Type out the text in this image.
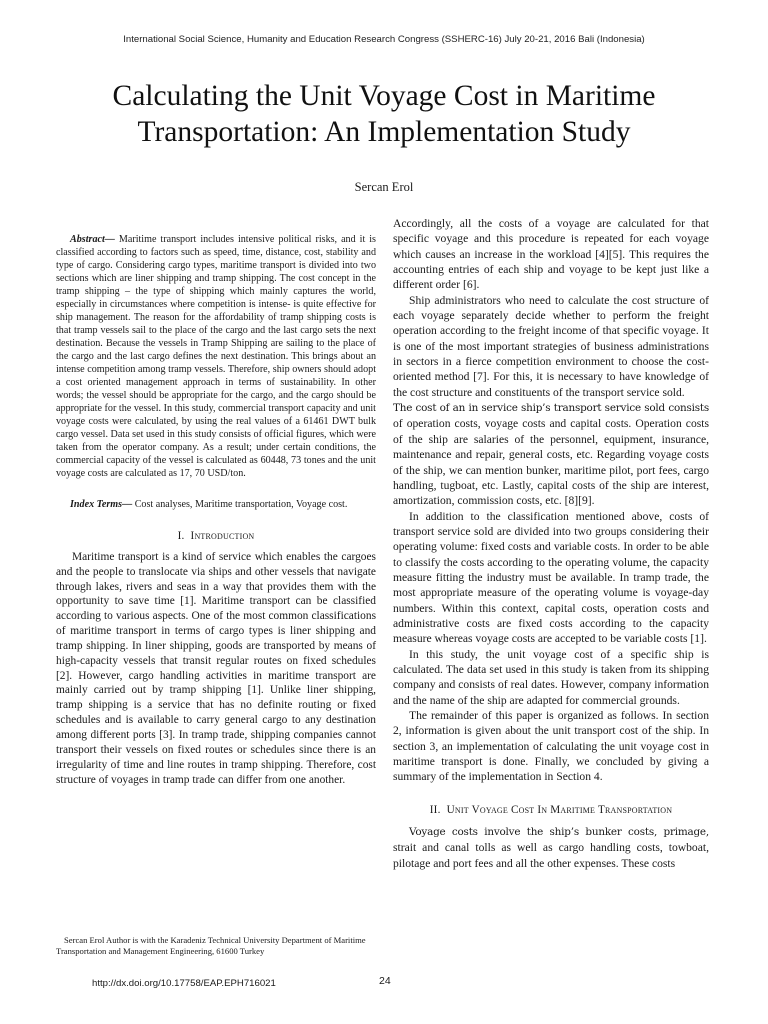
International Social Science, Humanity and Education Research Congress (SSHERC-16) July 20-21, 2016 Bali (Indonesia)
Calculating the Unit Voyage Cost in Maritime Transportation: An Implementation Study
Sercan Erol

Abstract— Maritime transport includes intensive political risks, and it is classified according to factors such as speed, time, distance, cost, stability and type of cargo. Considering cargo types, maritime transport is divided into two sections which are liner shipping and tramp shipping. The cost concept in the tramp shipping – the type of shipping which mainly captures the world, especially in circumstances where competition is intense- is quite effective for ship management. The reason for the affordability of tramp shipping costs is that tramp vessels sail to the place of the cargo and the last cargo sets the next destination. Because the vessels in Tramp Shipping are sailing to the place of the cargo and the last cargo defines the next destination. This brings about an intense competition among tramp vessels. Therefore, ship owners should adopt a cost oriented management approach in terms of sustainability. In other words; the vessel should be appropriate for the cargo, and the cargo should be appropriate for the vessel. In this study, commercial transport capacity and unit voyage costs were calculated, by using the real values of a 61461 DWT bulk cargo vessel. Data set used in this study consists of official figures, which were taken from the operator company. As a result; under certain conditions, the commercial capacity of the vessel is calculated as 60448, 73 tones and the unit voyage costs are calculated as 17, 70 USD/ton.

Index Terms— Cost analyses, Maritime transportation, Voyage cost.

I. Introduction

Maritime transport is a kind of service which enables the cargoes and the people to translocate via ships and other vessels that navigate through lakes, rivers and seas in a way that provides them with the opportunity to save time [1]. Maritime transport can be classified according to various aspects. One of the most common classifications of maritime transport in terms of cargo types is liner shipping and tramp shipping. In liner shipping, goods are transported by means of high-capacity vessels that transit regular routes on fixed schedules [2]. However, cargo handling activities in maritime transport are mainly carried out by tramp shipping [1]. Unlike liner shipping, tramp shipping is a service that has no definite routing or fixed schedules and is available to carry general cargo to any destination among different ports [3]. In tramp trade, shipping companies cannot transport their vessels on fixed routes or schedules since there is an irregularity of time and line routes in tramp shipping. Therefore, cost structure of voyages in tramp trade can differ from one another.

Accordingly, all the costs of a voyage are calculated for that specific voyage and this procedure is repeated for each voyage which causes an increase in the workload [4][5]. This requires the accounting entries of each ship and voyage to be kept just like a different order [6].

Ship administrators who need to calculate the cost structure of each voyage separately decide whether to perform the freight operation according to the freight income of that specific voyage. It is one of the most important strategies of business administrations in sectors in a fierce competition environment to choose the cost-oriented method [7]. For this, it is necessary to have knowledge of the cost structure and constituents of the transport service sold.

The cost of an in service ship’s transport service sold consists of operation costs, voyage costs and capital costs. Operation costs of the ship are salaries of the personnel, equipment, insurance, maintenance and repair, general costs, etc. Regarding voyage costs of the ship, we can mention bunker, maritime pilot, port fees, cargo handling, tugboat, etc. Lastly, capital costs of the ship are interest, amortization, commission costs, etc. [8][9].

In addition to the classification mentioned above, costs of transport service sold are divided into two groups considering their operating volume: fixed costs and variable costs. In order to be able to classify the costs according to the operating volume, the capacity measure fitting the industry must be available. In tramp trade, the most appropriate measure of the operating volume is voyage-day numbers. Within this context, capital costs, operation costs and administrative costs are fixed costs according to the capacity measure whereas voyage costs are accepted to be variable costs [1].

In this study, the unit voyage cost of a specific ship is calculated. The data set used in this study is taken from its shipping company and consists of real dates. However, company information and the name of the ship are adapted for commercial grounds.

The remainder of this paper is organized as follows. In section 2, information is given about the unit transport cost of the ship. In section 3, an implementation of calculating the unit voyage cost in maritime transport is done. Finally, we concluded by giving a summary of the implementation in Section 4.

II. Unit Voyage Cost In Maritime Transportation

Voyage costs involve the ship’s bunker costs, primage, strait and canal tolls as well as cargo handling costs, towboat, pilotage and port fees and all the other expenses. These costs

Sercan Erol Author is with the Karadeniz Technical University Department of Maritime Transportation and Management Engineering, 61600 Turkey

http://dx.doi.org/10.17758/EAP.EPH716021	24
